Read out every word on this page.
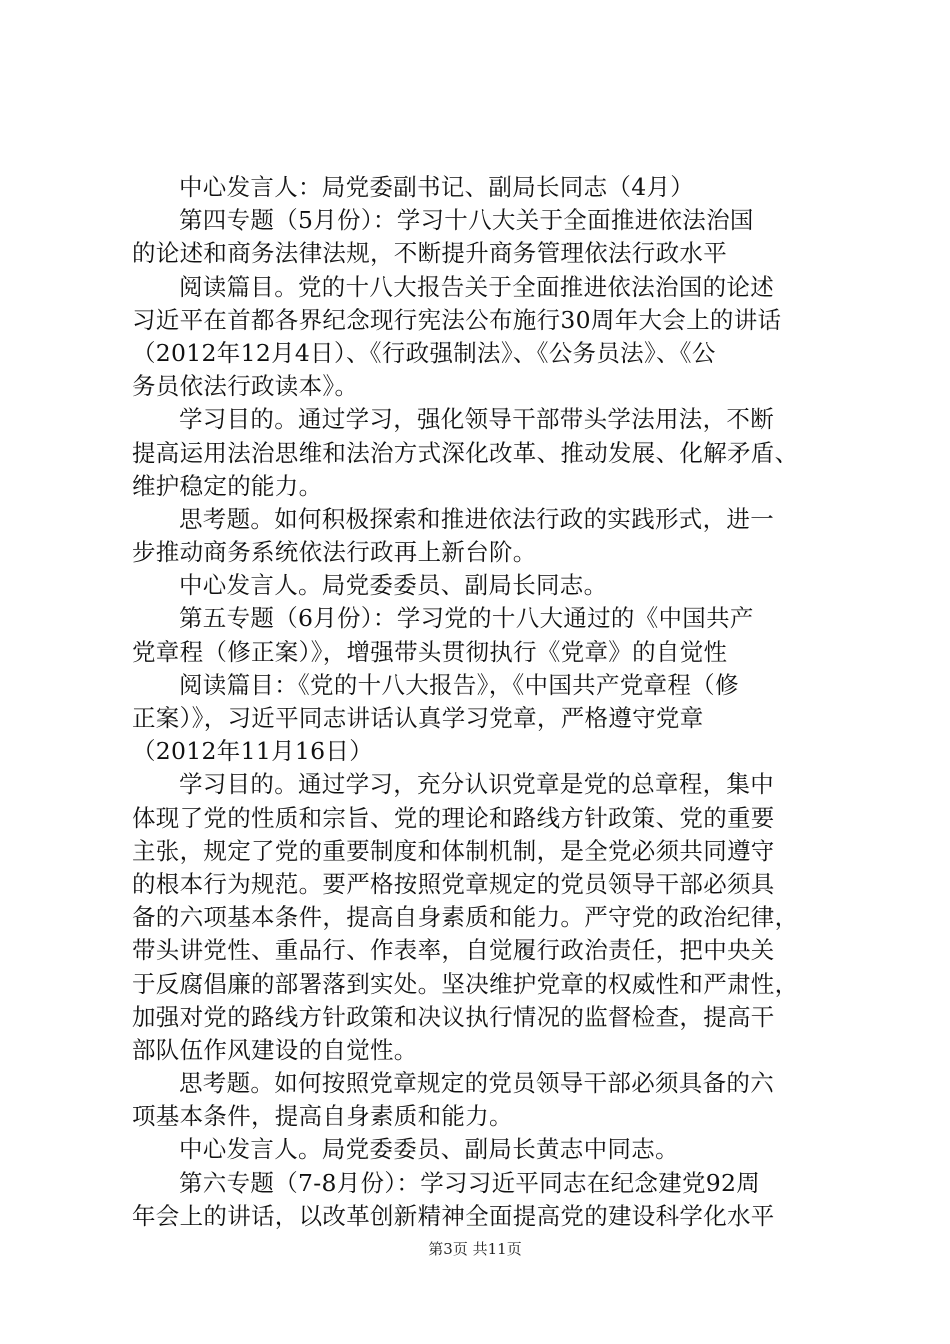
中心发言人：局党委副书记、副局长同志（4月）
第四专题（5月份）：学习十八大关于全面推进依法治国
的论述和商务法律法规，不断提升商务管理依法行政水平
阅读篇目。党的十八大报告关于全面推进依法治国的论述
习近平在首都各界纪念现行宪法公布施行30周年大会上的讲话
（2012年12月4日）、《行政强制法》、《公务员法》、《公
务员依法行政读本》。
学习目的。通过学习，强化领导干部带头学法用法，不断
提高运用法治思维和法治方式深化改革、推动发展、化解矛盾、
维护稳定的能力。
思考题。如何积极探索和推进依法行政的实践形式，进一
步推动商务系统依法行政再上新台阶。
中心发言人。局党委委员、副局长同志。
第五专题（6月份）：学习党的十八大通过的《中国共产
党章程（修正案）》，增强带头贯彻执行《党章》的自觉性
阅读篇目：《党的十八大报告》，《中国共产党章程（修
正案）》，习近平同志讲话认真学习党章，严格遵守党章
（2012年11月16日）
学习目的。通过学习，充分认识党章是党的总章程，集中
体现了党的性质和宗旨、党的理论和路线方针政策、党的重要
主张，规定了党的重要制度和体制机制，是全党必须共同遵守
的根本行为规范。要严格按照党章规定的党员领导干部必须具
备的六项基本条件，提高自身素质和能力。严守党的政治纪律，
带头讲党性、重品行、作表率，自觉履行政治责任，把中央关
于反腐倡廉的部署落到实处。坚决维护党章的权威性和严肃性，
加强对党的路线方针政策和决议执行情况的监督检查，提高干
部队伍作风建设的自觉性。
思考题。如何按照党章规定的党员领导干部必须具备的六
项基本条件，提高自身素质和能力。
中心发言人。局党委委员、副局长黄志中同志。
第六专题（7-8月份）：学习习近平同志在纪念建党92周
年会上的讲话，以改革创新精神全面提高党的建设科学化水平
第3页 共11页
